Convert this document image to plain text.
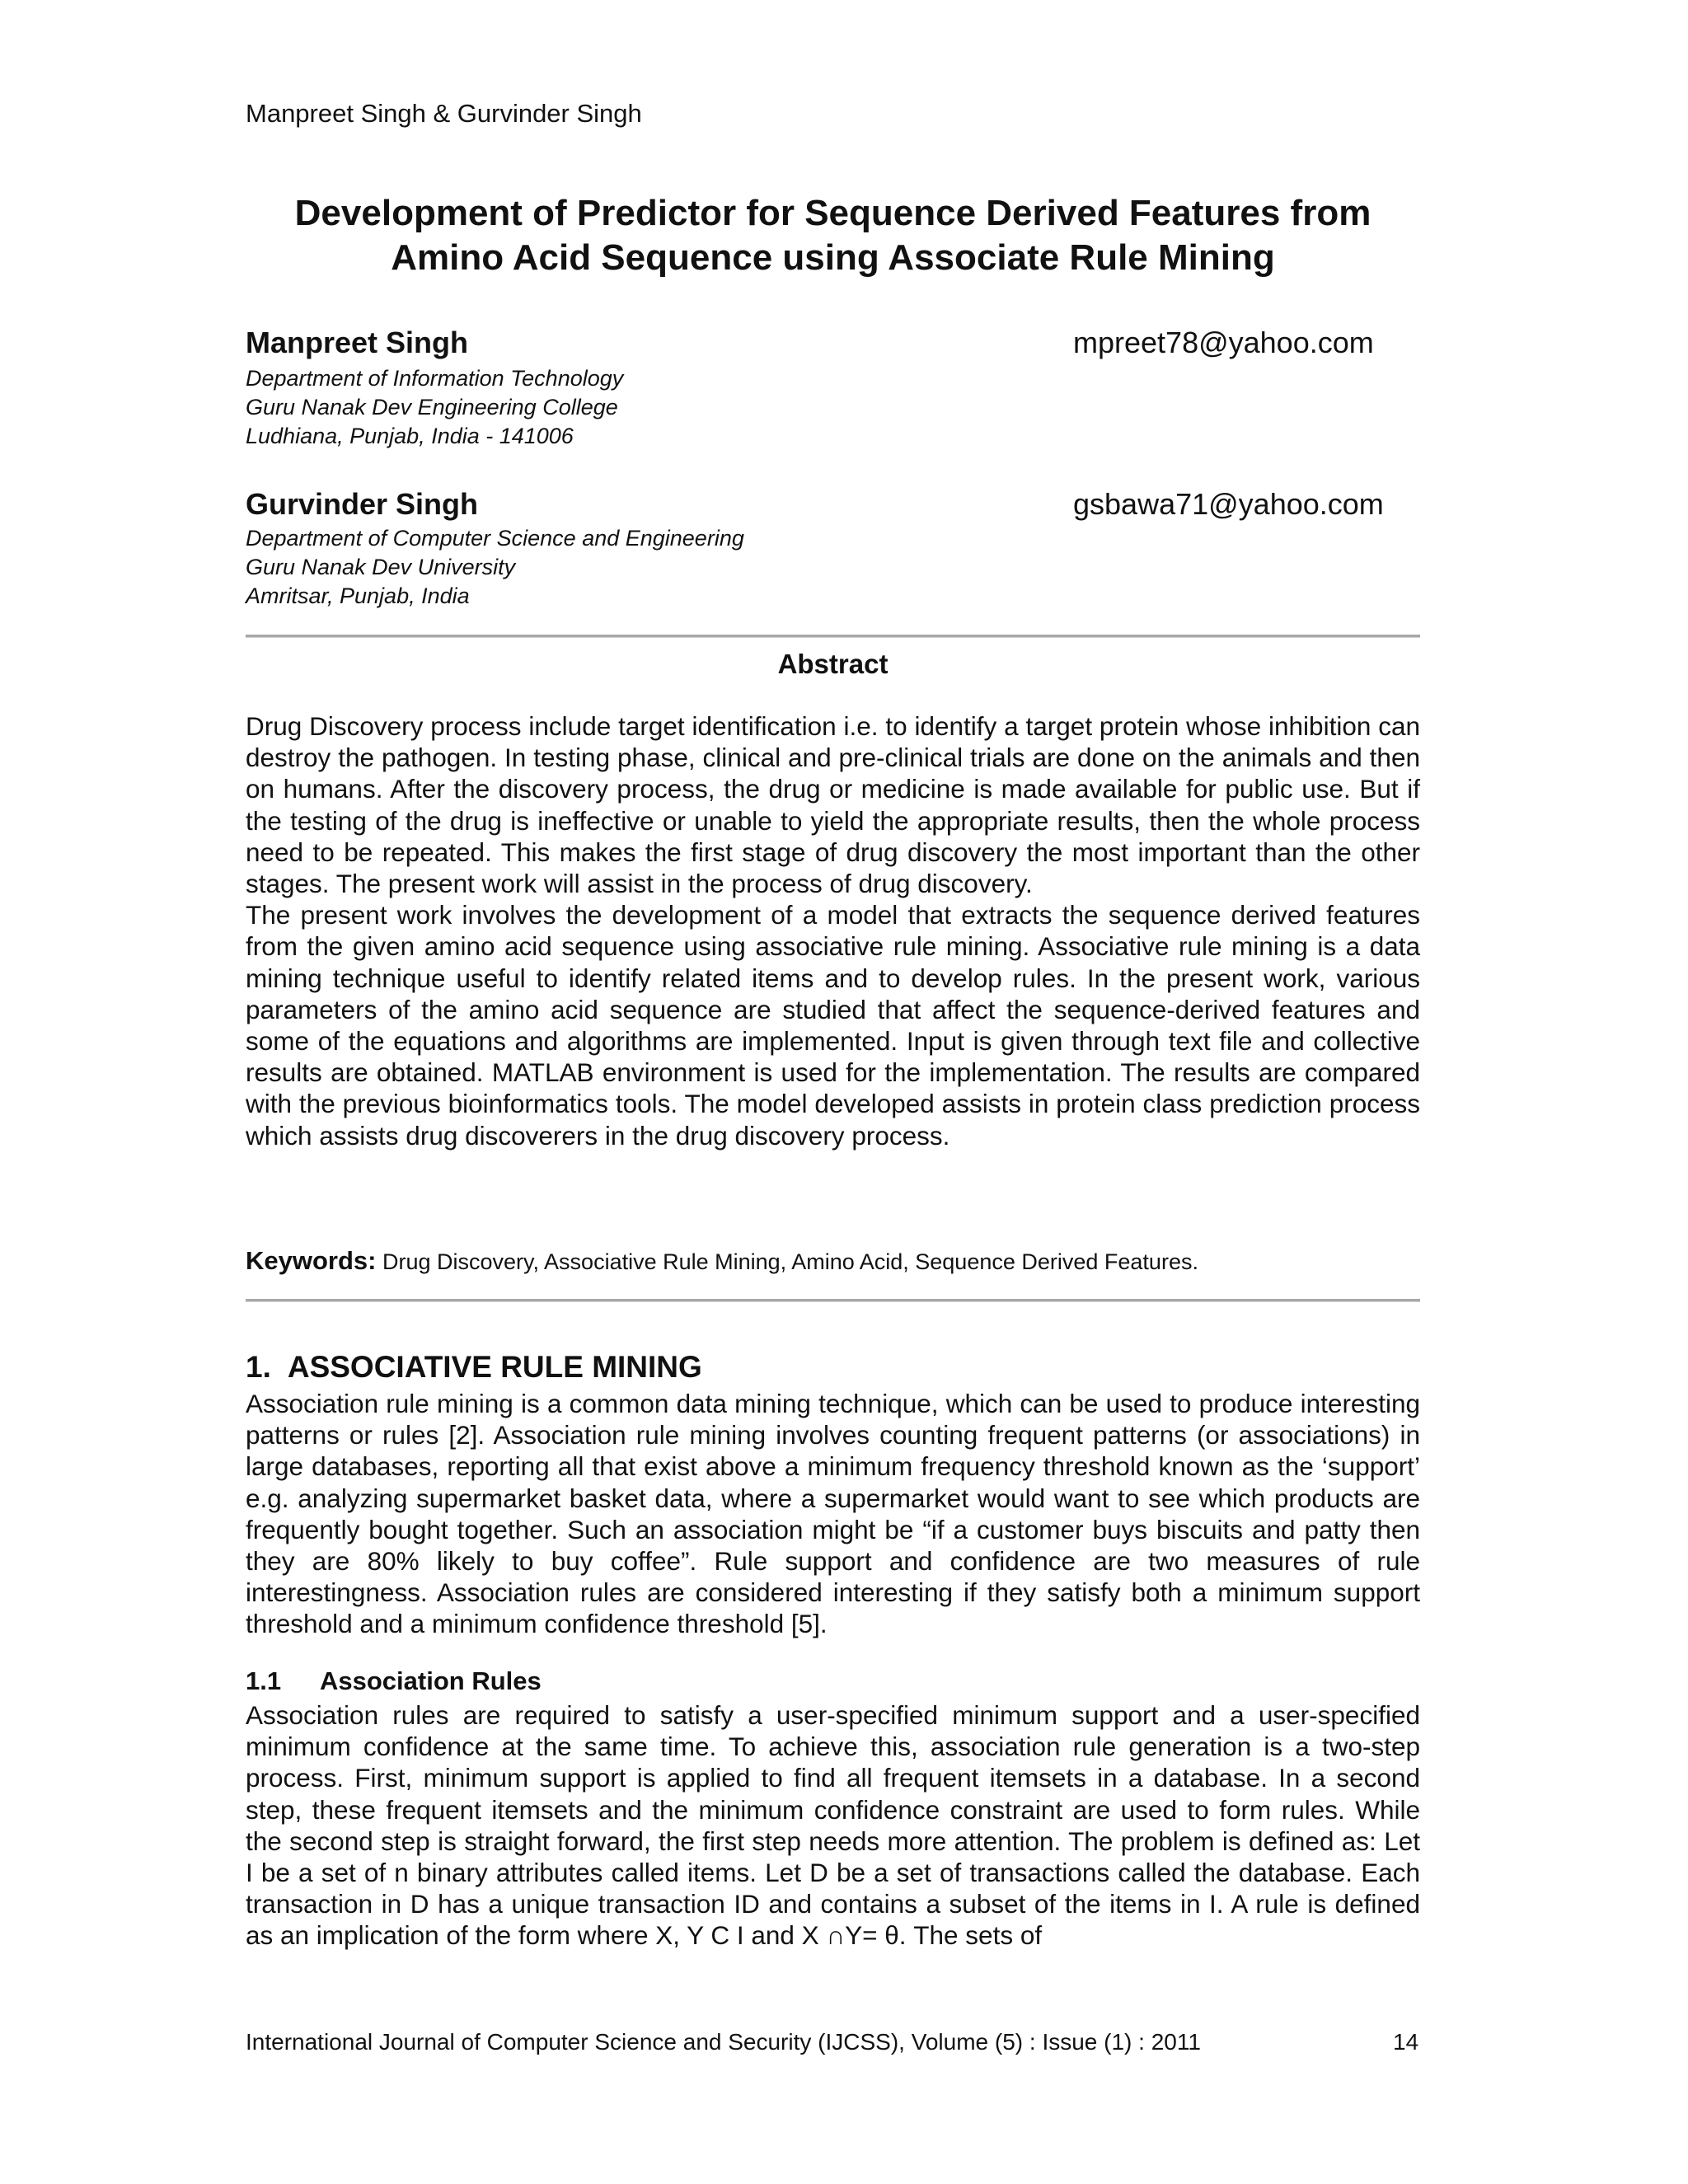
Manpreet Singh & Gurvinder Singh
Development of Predictor for Sequence Derived Features from
Amino Acid Sequence using Associate Rule Mining
Manpreet Singh	mpreet78@yahoo.com
Department of Information Technology
Guru Nanak Dev Engineering College
Ludhiana, Punjab, India - 141006
Gurvinder Singh	gsbawa71@yahoo.com
Department of Computer Science and Engineering
Guru Nanak Dev University
Amritsar, Punjab, India
Abstract

Drug Discovery process include target identification i.e. to identify a target protein whose inhibition can destroy the pathogen. In testing phase, clinical and pre-clinical trials are done on the animals and then on humans. After the discovery process, the drug or medicine is made available for public use. But if the testing of the drug is ineffective or unable to yield the appropriate results, then the whole process need to be repeated. This makes the first stage of drug discovery the most important than the other stages. The present work will assist in the process of drug discovery.

The present work involves the development of a model that extracts the sequence derived features from the given amino acid sequence using associative rule mining. Associative rule mining is a data mining technique useful to identify related items and to develop rules. In the present work, various parameters of the amino acid sequence are studied that affect the sequence-derived features and some of the equations and algorithms are implemented. Input is given through text file and collective results are obtained. MATLAB environment is used for the implementation. The results are compared with the previous bioinformatics tools. The model developed assists in protein class prediction process which assists drug discoverers in the drug discovery process.

Keywords: Drug Discovery, Associative Rule Mining, Amino Acid, Sequence Derived Features.
1. ASSOCIATIVE RULE MINING

Association rule mining is a common data mining technique, which can be used to produce interesting patterns or rules [2]. Association rule mining involves counting frequent patterns (or associations) in large databases, reporting all that exist above a minimum frequency threshold known as the ‘support’ e.g. analyzing supermarket basket data, where a supermarket would want to see which products are frequently bought together. Such an association might be “if a customer buys biscuits and patty then they are 80% likely to buy coffee”. Rule support and confidence are two measures of rule interestingness. Association rules are considered interesting if they satisfy both a minimum support threshold and a minimum confidence threshold [5].

1.1 Association Rules

Association rules are required to satisfy a user-specified minimum support and a user-specified minimum confidence at the same time. To achieve this, association rule generation is a two-step process. First, minimum support is applied to find all frequent itemsets in a database. In a second step, these frequent itemsets and the minimum confidence constraint are used to form rules. While the second step is straight forward, the first step needs more attention. The problem is defined as: Let I be a set of n binary attributes called items. Let D be a set of transactions called the database. Each transaction in D has a unique transaction ID and contains a subset of the items in I. A rule is defined as an implication of the form where X, Y C I and X ∩Y= θ. The sets of

International Journal of Computer Science and Security (IJCSS), Volume (5) : Issue (1) : 2011	14
